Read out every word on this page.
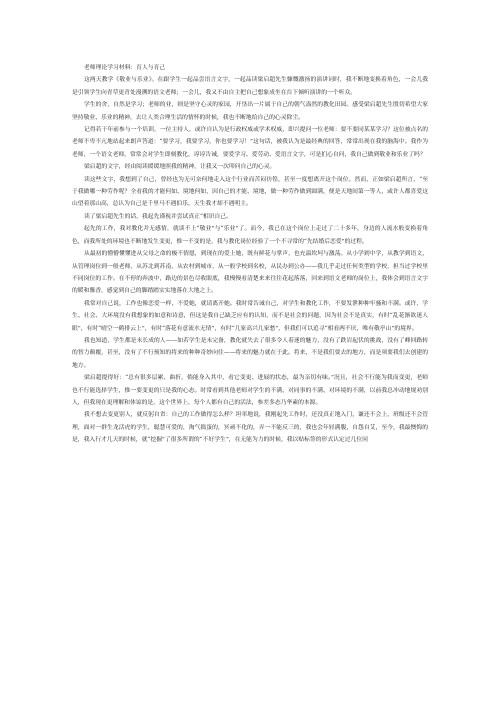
老师理论学习材料：育人与育己

这两天教学《敬业与乐业》。在跟学生一起品尝语言文字，一起品读梁启超先生慷慨激扬的演讲词时，我不断地变换着角色，一会儿我是引领学生向青草更青处漫溯的语文老师；一会儿，我又不由自主把自己想象成坐在台下倾听演讲的一个听众。

学生的舍，自然是学习；老师的业，则是坚守心灵的家园，开垦出一片属于自己的朝气盎然的教化田园。感受梁启超先生殷切希望大家坚持敬业、乐业的精神，去让人类合理生活的情怀的时候，我也不断地给自己的心灵除尘。

记得若干年前参与一个培训，一位主持人，或许自认为是行政权威或学术权威，即兴提问一位老师：要不要同某某学习？这位被点名的老师不卑不亢地站起来朗声答道：“要学习，我要学习，你也要学习！”这句话，被我认为是最经典的回答，常常出现在我的脑海中。我作为老师，一个语文老师，常常会对学生即刻教化，谆谆告诫，要爱学习、爱劳动、爱语言文字，可是扪心自问，我自己做到敬业和乐业了吗？

梁启超的文字，经由阅读缓缓地照我的精神，让我又一次叩问自己的心灵。

读这些文字，我想到了自己，曾经也为无可奈何地走入这个行业而苦闷彷徨，甚至一度想离开这个岗位。然而，正如梁启超所言，“至于我做哪一种劳作呢？全看我的才能何如、境地何如，因自己的才能、境地，做一种劳作做到圆满，便是天地间第一等人，或许人都喜爱这山望着那山高，总认为自己是千里马不遇伯乐，天生我才却不遇明主。

读了梁启超先生的话，我起先谨视并尝试真正“相识自己。

起先的工作，我对教化并无感情，就谈不上“敬业”与“乐业”了。而今，我已在这个岗位上走过了二十多年，身边的人流水般变换着角色，而我所处的环境也不断地发生变更，惟一不变的是，我与教化岗位经验了一个不寻常的“先结婚后恋爱”的过程。

从最初的懵懵懂懂进从父母之命的极不情愿，到现在的爱上她，既有鲜花与掌声，也充溢坎坷与激荡。从小学到中学，从教学到语文，从管理岗位到一般老师，从苏北到苏南，从农村到城市，从一般学校到名校，从民办到公办——我几乎走过任何类型的学校，担当过学校里不同岗位的工作。在不停的奔波中，路边的景色尽收眼底，我慢慢看清楚来来往往花起落落，回来到语文老师的岗位上，我体会到语言文字的暖和馨香，感觉到自己的脚踏踏实实地落在大地之上。

我常对自己说，工作也像恋爱一样，不爱她，就请离开她。我时常告诫自己，对学生和教化工作，不要发泄种种牢骚和不满。或许，学生、社会、大环境没有我想象的如意和诗意，但这是我自己缺乏应有的认知，而不是社会的问题，因为社会不是真实，有时“乱花渐欲迷人眼”，有时“晴空一鹤排云上”，有时“落花有意流水无情”，有时“几家高兴几家愁”，但我们可以追寻“相看两不厌，唯有敬亭山”的境界。

我也知道，学生都是未长成的人——如若学生是未完备，教化就失去了很多令人着迷的魅力，没有了跌岩起伏的挑战，没有了峰回路转的智力颠覆，甚至，没有了不行预知的将来的种种奇妙向往——将来的魅力就在于此。将来，不是我们要去的地方，而是须要我们去创建的地方。

梁启超提得好：“总有很多层累、曲折，倘能身入其中，看它变更、进展的状态，最为亲切有味。”况且，社会不行能为我而变更，老师也不行能选择学生，惟一要变更的只是我的心态。时常看到其他老师对学生的不满、对同事的不满、对环境的不满，以前我总冲动地规劝别人，但我现在更理解和体谅的是，这个世界上，每个人都有自己的活法，参差多态乃华素的本源。

我不想去变更别人，就反躬自省：自己的工作做得怎么样？坦率地说，我刚起先工作时，还没真正地入门，谦还不会上，班级还不会管理，面对一群生龙活虎的学生，聪慧可爱的，淘气捣蛋的，冥顽不化的，弄一不能反三的，我也会年轻满腹，自怨自艾，至今，我最懊悔的是，我入行才几天的时候，就“挖掘”了很多所谓的“不好学生”，在无能为力的时候，我以贴标签的形式认定过几位同
